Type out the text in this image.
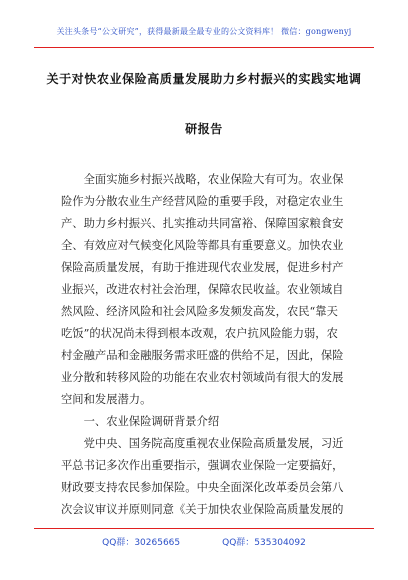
关注头条号“公文研究”，获得最新最全最专业的公文资料库！ 微信：gongwenyj
关于对快农业保险高质量发展助力乡村振兴的实践实地调
研报告
　　全面实施乡村振兴战略，农业保险大有可为。农业保
险作为分散农业生产经营风险的重要手段，对稳定农业生
产、助力乡村振兴、扎实推动共同富裕、保障国家粮食安
全、有效应对气候变化风险等都具有重要意义。加快农业
保险高质量发展，有助于推进现代农业发展，促进乡村产
业振兴，改进农村社会治理，保障农民收益。农业领域自
然风险、经济风险和社会风险多发频发高发，农民“靠天
吃饭”的状况尚未得到根本改观，农户抗风险能力弱，农
村金融产品和金融服务需求旺盛的供给不足，因此，保险
业分散和转移风险的功能在农业农村领域尚有很大的发展
空间和发展潜力。
　　一、农业保险调研背景介绍
　　党中央、国务院高度重视农业保险高质量发展，习近
平总书记多次作出重要指示，强调农业保险一定要搞好，
财政要支持农民参加保险。中央全面深化改革委员会第八
次会议审议并原则同意《关于加快农业保险高质量发展的
QQ群：30265665	QQ群：535304092
